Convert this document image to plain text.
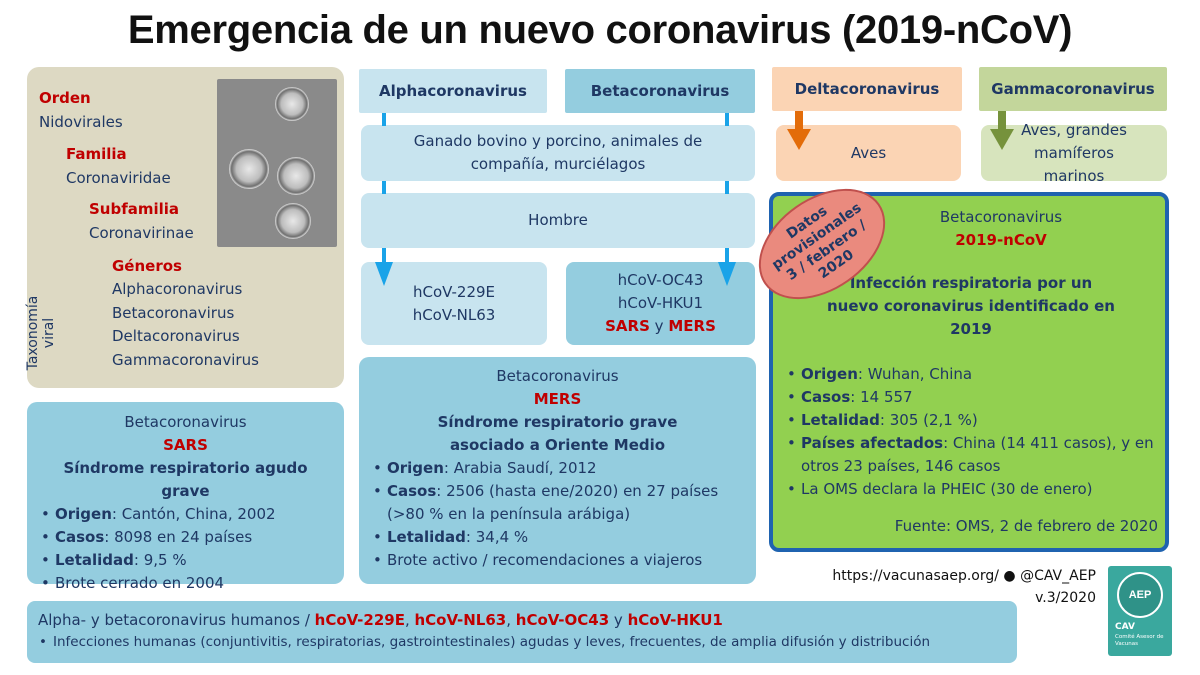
Emergencia de un nuevo coronavirus (2019-nCoV)
Orden
Nidovirales
Familia
Coronaviridae
Subfamilia
Coronavirinae
Géneros
Alphacoronavirus
Betacoronavirus
Deltacoronavirus
Gammacoronavirus
Taxonomía viral
Alphacoronavirus	Betacoronavirus	Deltacoronavirus	Gammacoronavirus
Ganado bovino y porcino, animales de compañía, murciélagos
Hombre
Aves
Aves, grandes mamíferos marinos
hCoV-229E
hCoV-NL63
hCoV-OC43
hCoV-HKU1
SARS y MERS
Betacoronavirus
SARS
Síndrome respiratorio agudo grave
• Origen: Cantón, China, 2002
• Casos: 8098 en 24 países
• Letalidad: 9,5 %
• Brote cerrado en 2004
Betacoronavirus
MERS
Síndrome respiratorio grave asociado a Oriente Medio
• Origen: Arabia Saudí, 2012
• Casos: 2506 (hasta ene/2020) en 27 países (>80 % en la península arábiga)
• Letalidad: 34,4 %
• Brote activo / recomendaciones a viajeros
Betacoronavirus
2019-nCoV
Infección respiratoria por un nuevo coronavirus identificado en 2019
• Origen: Wuhan, China
• Casos: 14 557
• Letalidad: 305 (2,1 %)
• Países afectados: China (14 411 casos), y en otros 23 países, 146 casos
• La OMS declara la PHEIC (30 de enero)
Fuente: OMS, 2 de febrero de 2020
Datos provisionales 3 / febrero / 2020
Alpha- y betacoronavirus humanos / hCoV-229E, hCoV-NL63, hCoV-OC43 y hCoV-HKU1
• Infecciones humanas (conjuntivitis, respiratorias, gastrointestinales) agudas y leves, frecuentes, de amplia difusión y distribución
https://vacunasaep.org/ ● @CAV_AEP
v.3/2020	AEP
CAV
Comité Asesor de Vacunas
